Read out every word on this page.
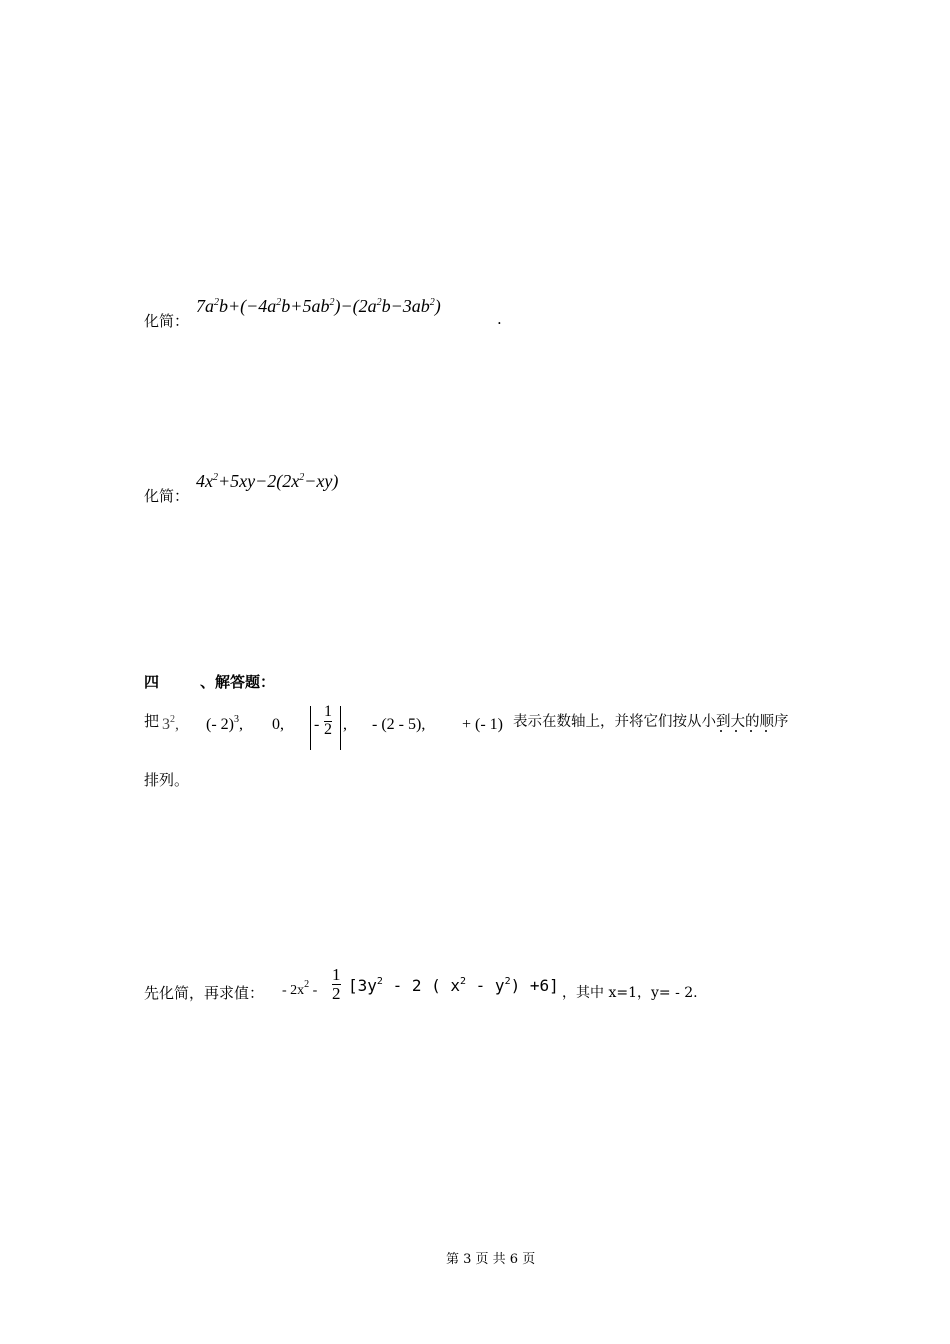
化简：
$7a^2b+(-4a^2b+5ab^2)-(2a^2b-3ab^2)$
.
化简：
$4x^2+5xy-2(2x^2-xy)$
四	、解答题：
把 $3^2$, (- 2)$^3$, 0, - $\frac{1}{2}$ , - (2 - 5), + (- 1) 表示在数轴上，并将它们按从小到大的顺序
排列。
先化简，再求值： - $2x^2 - \frac{1}{2} [3y^2 - 2$ ( $x^2 - y^2) +6$] ，其中 x=1，y= - 2.
第 3 页 共 6 页
